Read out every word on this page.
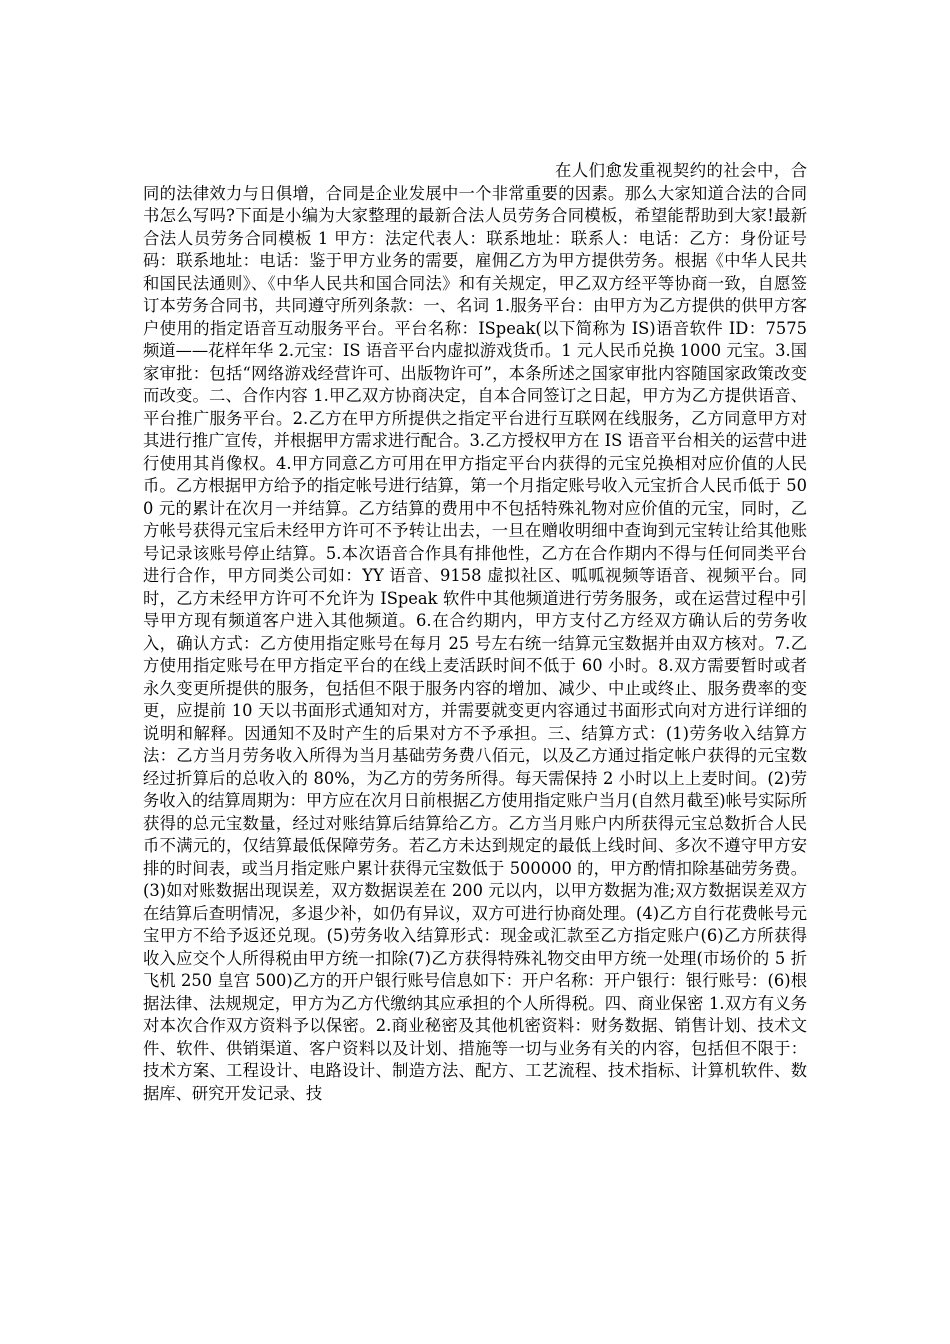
在人们愈发重视契约的社会中，合同的法律效力与日俱增，合同是企业发展中一个非常重要的因素。那么大家知道合法的合同书怎么写吗?下面是小编为大家整理的最新合法人员劳务合同模板，希望能帮助到大家!最新合法人员劳务合同模板 1 甲方：法定代表人：联系地址：联系人：电话：乙方：身份证号码：联系地址：电话：鉴于甲方业务的需要，雇佣乙方为甲方提供劳务。根据《中华人民共和国民法通则》、《中华人民共和国合同法》和有关规定，甲乙双方经平等协商一致，自愿签订本劳务合同书，共同遵守所列条款：一、名词 1.服务平台：由甲方为乙方提供的供甲方客户使用的指定语音互动服务平台。平台名称：ISpeak(以下简称为 IS)语音软件 ID：7575 频道——花样年华 2.元宝：IS 语音平台内虚拟游戏货币。1 元人民币兑换 1000 元宝。3.国家审批：包括“网络游戏经营许可、出版物许可”，本条所述之国家审批内容随国家政策改变而改变。二、合作内容 1.甲乙双方协商决定，自本合同签订之日起，甲方为乙方提供语音、平台推广服务平台。2.乙方在甲方所提供之指定平台进行互联网在线服务，乙方同意甲方对其进行推广宣传，并根据甲方需求进行配合。3.乙方授权甲方在 IS 语音平台相关的运营中进行使用其肖像权。4.甲方同意乙方可用在甲方指定平台内获得的元宝兑换相对应价值的人民币。乙方根据甲方给予的指定帐号进行结算，第一个月指定账号收入元宝折合人民币低于 500 元的累计在次月一并结算。乙方结算的费用中不包括特殊礼物对应价值的元宝，同时，乙方帐号获得元宝后未经甲方许可不予转让出去，一旦在赠收明细中查询到元宝转让给其他账号记录该账号停止结算。5.本次语音合作具有排他性，乙方在合作期内不得与任何同类平台进行合作，甲方同类公司如：YY 语音、9158 虚拟社区、呱呱视频等语音、视频平台。同时，乙方未经甲方许可不允许为 ISpeak 软件中其他频道进行劳务服务，或在运营过程中引导甲方现有频道客户进入其他频道。6.在合约期内，甲方支付乙方经双方确认后的劳务收入，确认方式：乙方使用指定账号在每月 25 号左右统一结算元宝数据并由双方核对。7.乙方使用指定账号在甲方指定平台的在线上麦活跃时间不低于 60 小时。8.双方需要暂时或者永久变更所提供的服务，包括但不限于服务内容的增加、减少、中止或终止、服务费率的变更，应提前 10 天以书面形式通知对方，并需要就变更内容通过书面形式向对方进行详细的说明和解释。因通知不及时产生的后果对方不予承担。三、结算方式：(1)劳务收入结算方法：乙方当月劳务收入所得为当月基础劳务费八佰元，以及乙方通过指定帐户获得的元宝数经过折算后的总收入的 80%，为乙方的劳务所得。每天需保持 2 小时以上上麦时间。(2)劳务收入的结算周期为：甲方应在次月日前根据乙方使用指定账户当月(自然月截至)帐号实际所获得的总元宝数量，经过对账结算后结算给乙方。乙方当月账户内所获得元宝总数折合人民币不满元的，仅结算最低保障劳务。若乙方未达到规定的最低上线时间、多次不遵守甲方安排的时间表，或当月指定账户累计获得元宝数低于 500000 的，甲方酌情扣除基础劳务费。(3)如对账数据出现误差，双方数据误差在 200 元以内，以甲方数据为准;双方数据误差双方在结算后查明情况，多退少补，如仍有异议，双方可进行协商处理。(4)乙方自行花费帐号元宝甲方不给予返还兑现。(5)劳务收入结算形式：现金或汇款至乙方指定账户(6)乙方所获得收入应交个人所得税由甲方统一扣除(7)乙方获得特殊礼物交由甲方统一处理(市场价的 5 折飞机 250 皇宫 500)乙方的开户银行账号信息如下：开户名称：开户银行：银行账号：(6)根据法律、法规规定，甲方为乙方代缴纳其应承担的个人所得税。四、商业保密 1.双方有义务对本次合作双方资料予以保密。2.商业秘密及其他机密资料：财务数据、销售计划、技术文件、软件、供销渠道、客户资料以及计划、措施等一切与业务有关的内容，包括但不限于：技术方案、工程设计、电路设计、制造方法、配方、工艺流程、技术指标、计算机软件、数据库、研究开发记录、技
